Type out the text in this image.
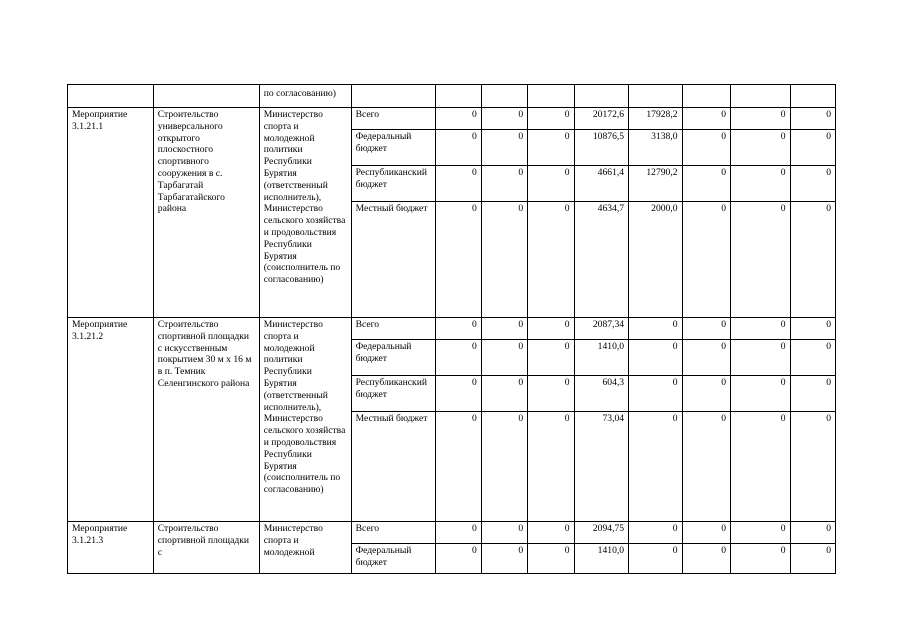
		по согласованию)									
Мероприятие 3.1.21.1	Строительство универсального открытого плоскостного спортивного сооружения в с. Тарбагатай Тарбагатайского района	Министерство спорта и молодежной политики Республики Бурятия (ответственный исполнитель), Министерство сельского хозяйства и продовольствия Республики Бурятия (соисполнитель по согласованию)	Всего	0	0	0	20172,6	17928,2	0	0	0
			Федеральный бюджет	0	0	0	10876,5	3138,0	0	0	0
			Республиканский бюджет	0	0	0	4661,4	12790,2	0	0	0
			Местный бюджет	0	0	0	4634,7	2000,0	0	0	0
Мероприятие 3.1.21.2	Строительство спортивной площадки с искусственным покрытием 30 м х 16 м в п. Темник Селенгинского района	Министерство спорта и молодежной политики Республики Бурятия (ответственный исполнитель), Министерство сельского хозяйства и продовольствия Республики Бурятия (соисполнитель по согласованию)	Всего	0	0	0	2087,34	0	0	0	0
			Федеральный бюджет	0	0	0	1410,0	0	0	0	0
			Республиканский бюджет	0	0	0	604,3	0	0	0	0
			Местный бюджет	0	0	0	73,04	0	0	0	0
Мероприятие 3.1.21.3	Строительство спортивной площадки с	Министерство спорта и молодежной	Всего	0	0	0	2094,75	0	0	0	0
			Федеральный бюджет	0	0	0	1410,0	0	0	0	0
